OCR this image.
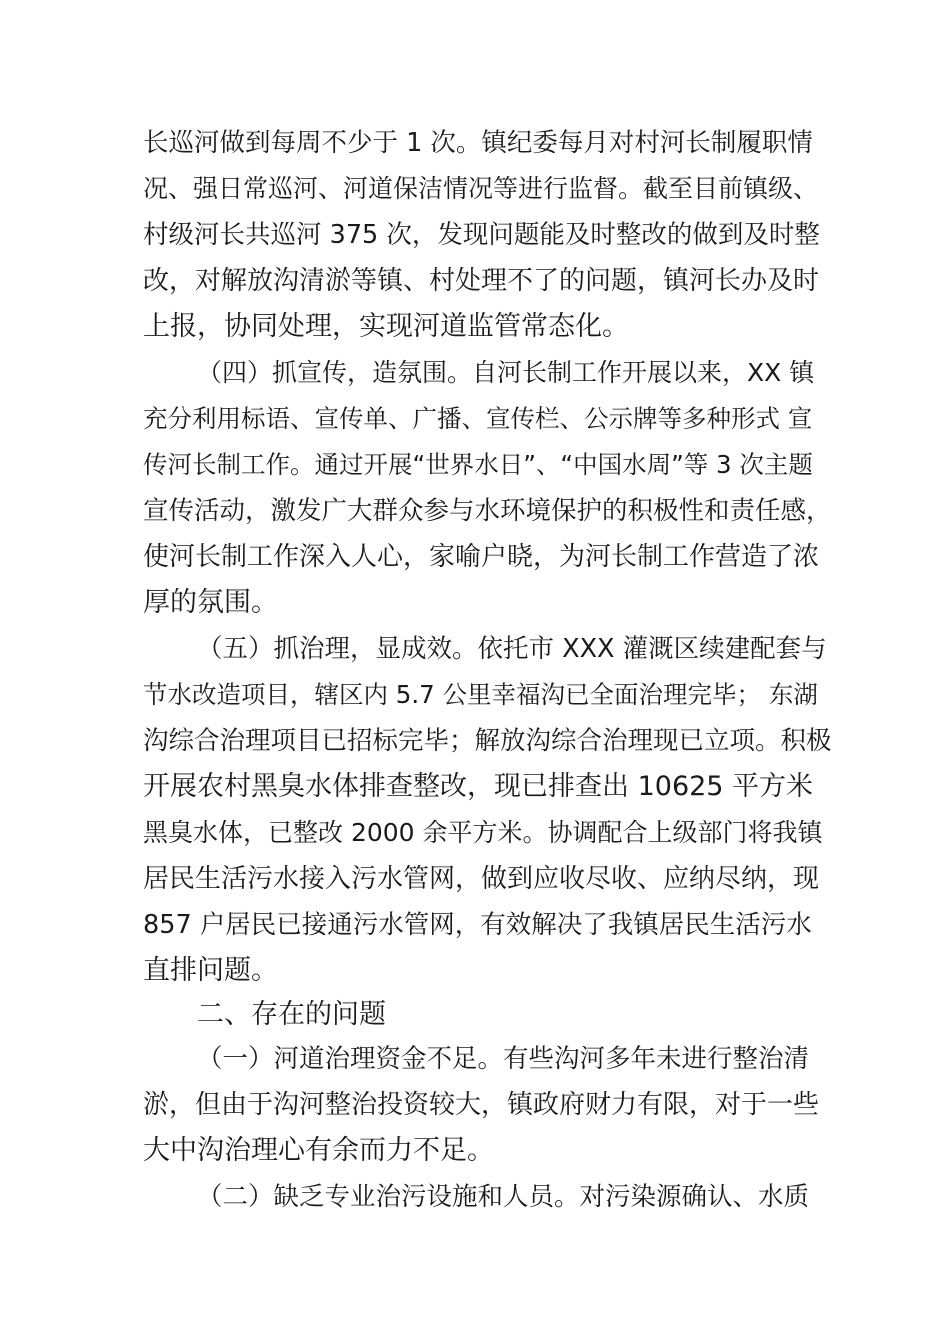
长巡河做到每周不少于 1 次。镇纪委每月对村河长制履职情
况、强日常巡河、河道保洁情况等进行监督。截至目前镇级、
村级河长共巡河 375 次，发现问题能及时整改的做到及时整
改，对解放沟清淤等镇、村处理不了的问题，镇河长办及时
上报，协同处理，实现河道监管常态化。
（四）抓宣传，造氛围。自河长制工作开展以来，XX 镇
充分利用标语、宣传单、广播、宣传栏、公示牌等多种形式 宣
传河长制工作。通过开展“世界水日”、“中国水周”等 3 次主题
宣传活动，激发广大群众参与水环境保护的积极性和责任感，
使河长制工作深入人心，家喻户晓，为河长制工作营造了浓
厚的氛围。
（五）抓治理，显成效。依托市 XXX 灌溉区续建配套与
节水改造项目，辖区内 5.7 公里幸福沟已全面治理完毕； 东湖
沟综合治理项目已招标完毕；解放沟综合治理现已立项。积极
开展农村黑臭水体排查整改，现已排查出 10625 平方米
黑臭水体，已整改 2000 余平方米。协调配合上级部门将我镇
居民生活污水接入污水管网，做到应收尽收、应纳尽纳，现
857 户居民已接通污水管网，有效解决了我镇居民生活污水
直排问题。
二、存在的问题
（一）河道治理资金不足。有些沟河多年未进行整治清
淤，但由于沟河整治投资较大，镇政府财力有限，对于一些
大中沟治理心有余而力不足。
（二）缺乏专业治污设施和人员。对污染源确认、水质
